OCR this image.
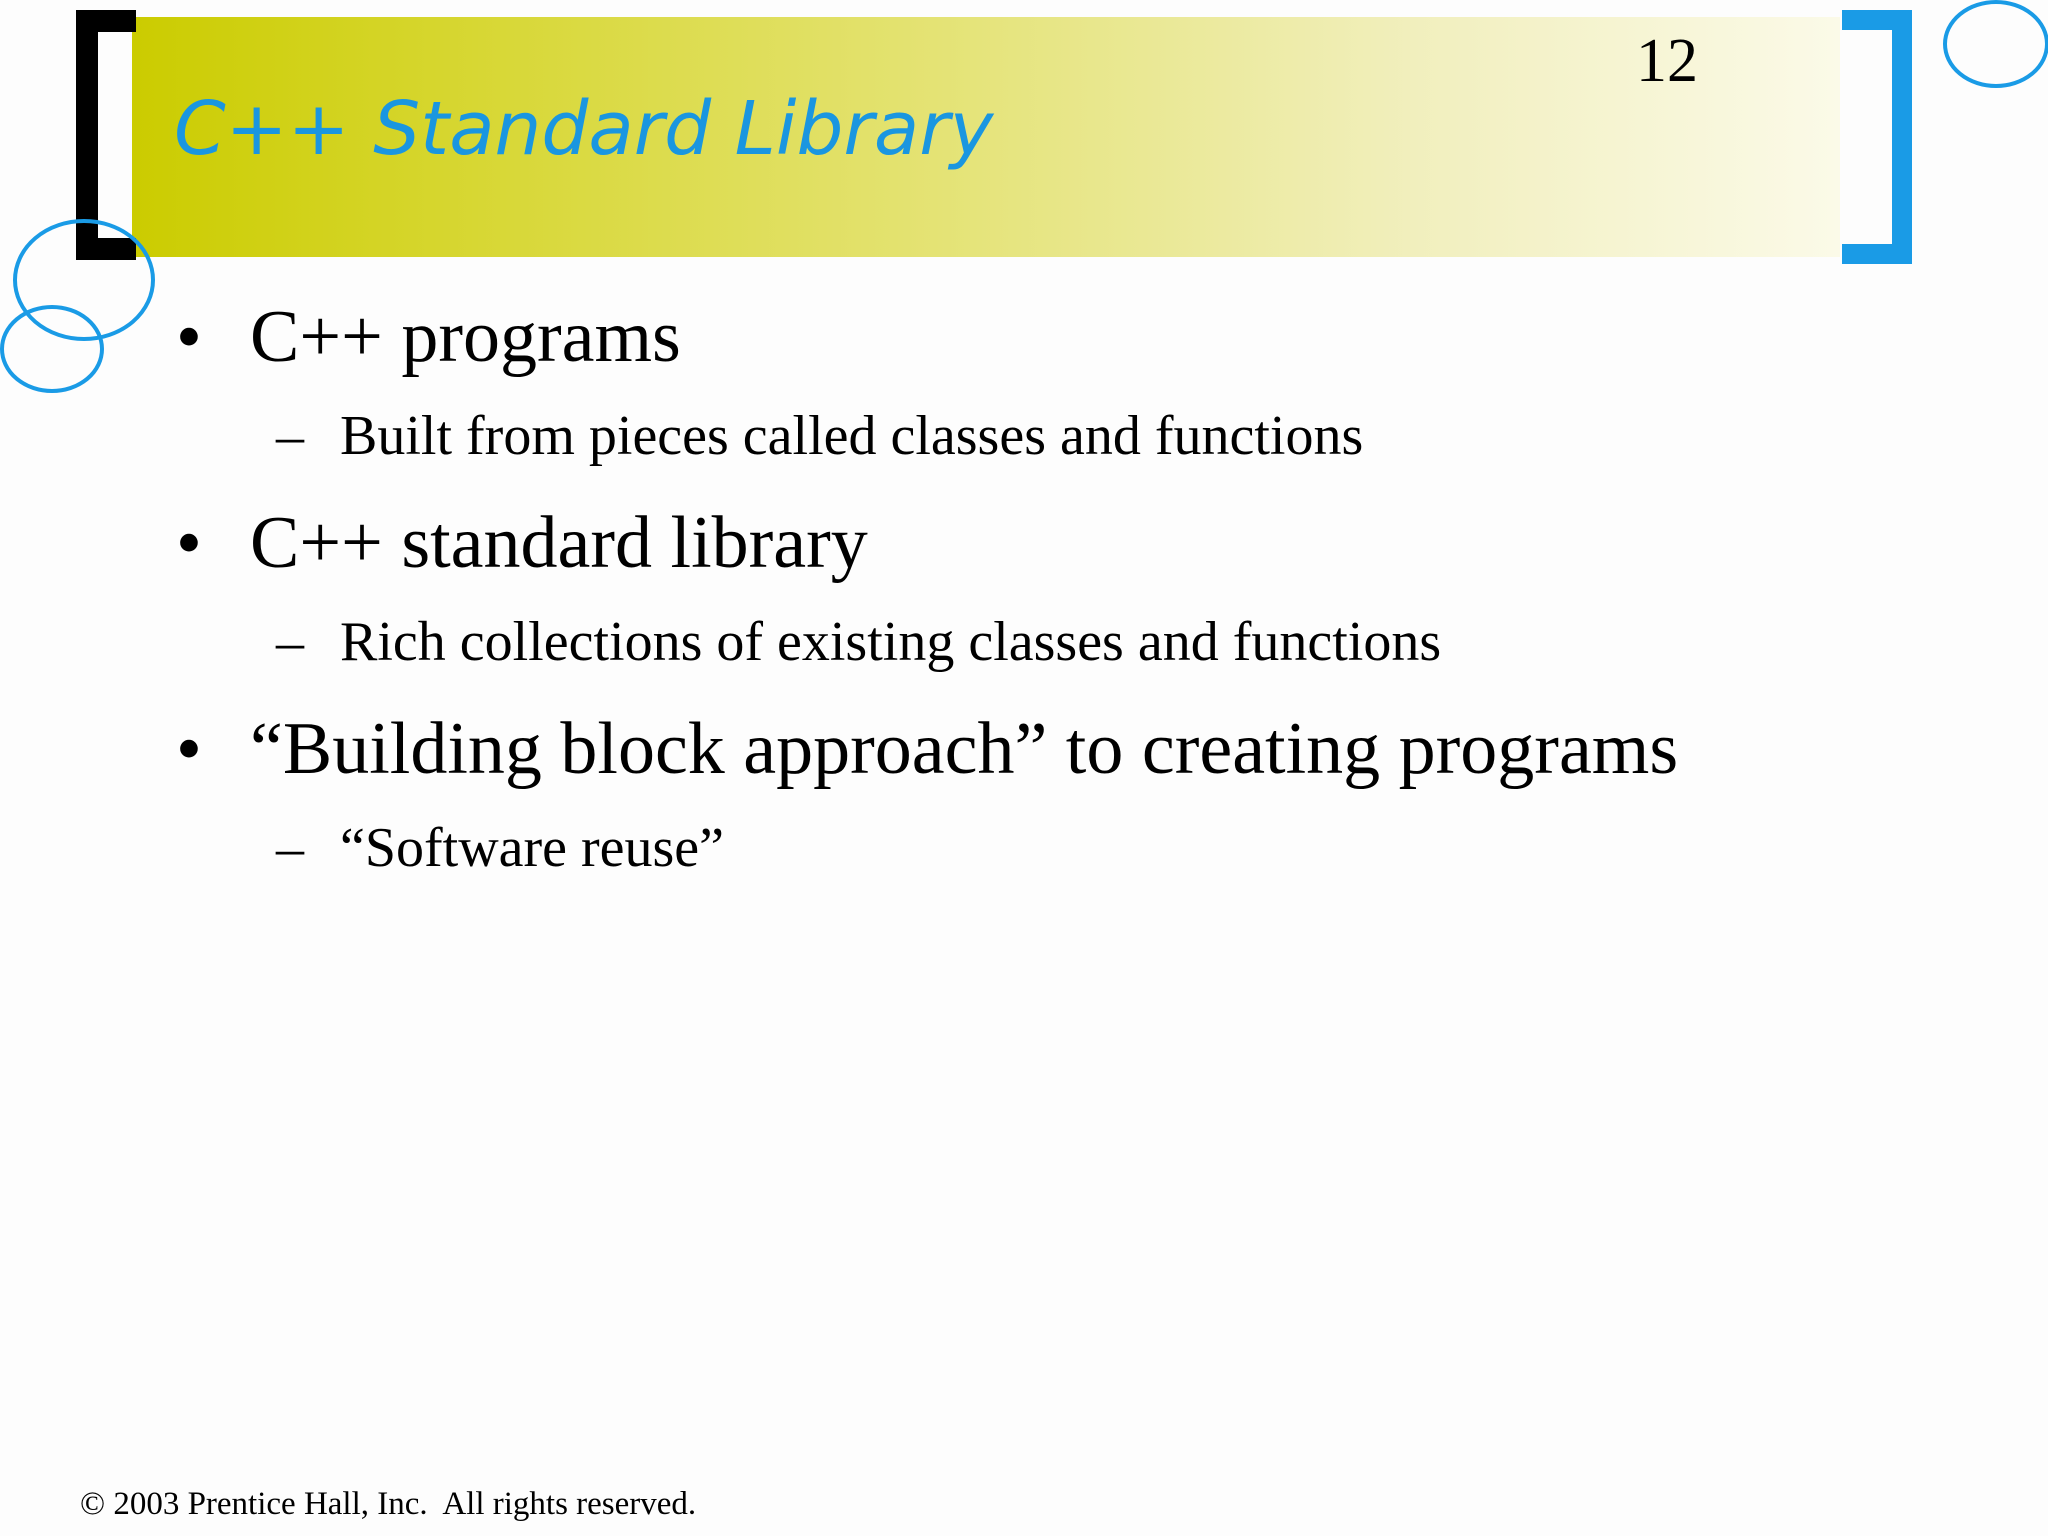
C++ Standard Library
12
• C++ programs
– Built from pieces called classes and functions
• C++ standard library
– Rich collections of existing classes and functions
• “Building block approach” to creating programs
– “Software reuse”
© 2003 Prentice Hall, Inc.  All rights reserved.
